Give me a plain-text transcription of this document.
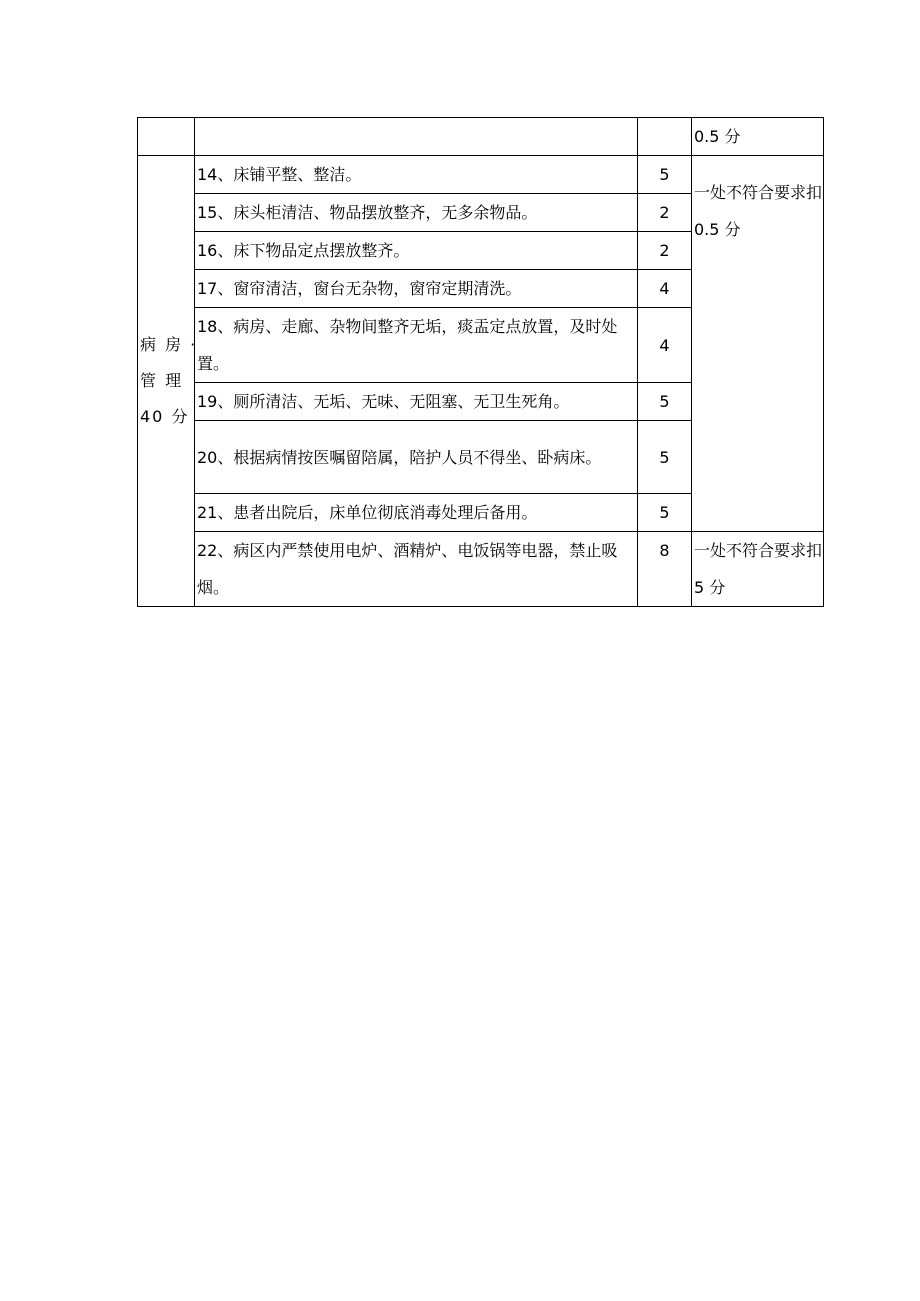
			0.5 分

病 房 ·
管 理
40 分	14、床铺平整、整洁。	5	一处不符合要求扣 0.5 分
	15、床头柜清洁、物品摆放整齐，无多余物品。	2	
	16、床下物品定点摆放整齐。	2	
	17、窗帘清洁，窗台无杂物，窗帘定期清洗。	4	
	18、病房、走廊、杂物间整齐无垢，痰盂定点放置，及时处置。	4	
	19、厕所清洁、无垢、无味、无阻塞、无卫生死角。	5	
	20、根据病情按医嘱留陪属，陪护人员不得坐、卧病床。	5	
	21、患者出院后，床单位彻底消毒处理后备用。	5	
	22、病区内严禁使用电炉、酒精炉、电饭锅等电器，禁止吸烟。	8	一处不符合要求扣 5 分
